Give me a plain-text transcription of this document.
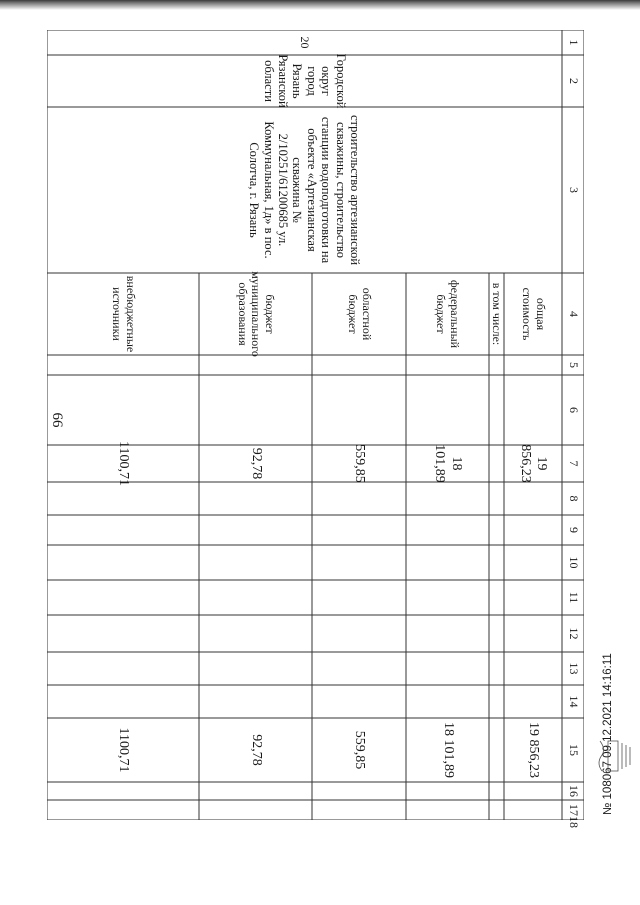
66
1
2
3
4
5
6
7
8
9
10
11
12
13
14
15
16
17
18
20
Городской округ город Рязань Рязанской области
строительство артезианской скважины, строительство станции водоподготовки на объекте «Артезианская скважина № 2/10251/61200685 ул. Коммунальная, 1д» в пос. Солотча, г. Рязань
в том числе:	общая стоимость
19 856,23
19 856,23
федеральный бюджет
18 101,89
18 101,89
областной бюджет
559,85
559,85
бюджет муниципального образования
92,78
92,78
внебюджетные источники
1100,71
1100,71	№ 108067 09.12.2021 14:16:11
